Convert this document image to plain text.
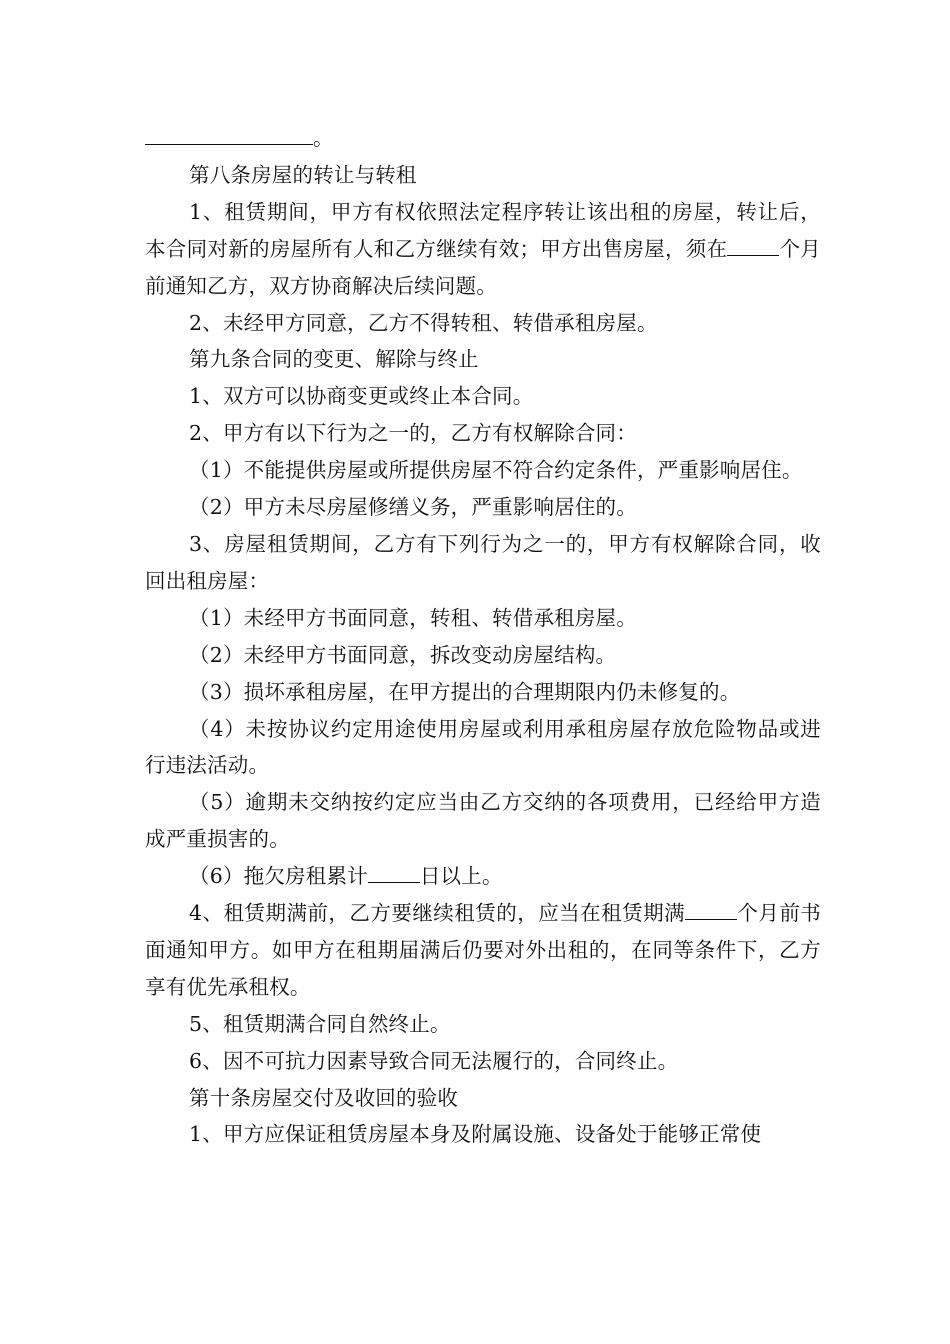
。

第八条房屋的转让与转租

1、租赁期间，甲方有权依照法定程序转让该出租的房屋，转让后，本合同对新的房屋所有人和乙方继续有效；甲方出售房屋，须在	个月前通知乙方，双方协商解决后续问题。

2、未经甲方同意，乙方不得转租、转借承租房屋。

第九条合同的变更、解除与终止

1、双方可以协商变更或终止本合同。

2、甲方有以下行为之一的，乙方有权解除合同：

（1）不能提供房屋或所提供房屋不符合约定条件，严重影响居住。

（2）甲方未尽房屋修缮义务，严重影响居住的。

3、房屋租赁期间，乙方有下列行为之一的，甲方有权解除合同，收回出租房屋：

（1）未经甲方书面同意，转租、转借承租房屋。

（2）未经甲方书面同意，拆改变动房屋结构。

（3）损坏承租房屋，在甲方提出的合理期限内仍未修复的。

（4）未按协议约定用途使用房屋或利用承租房屋存放危险物品或进行违法活动。

（5）逾期未交纳按约定应当由乙方交纳的各项费用，已经给甲方造成严重损害的。

（6）拖欠房租累计	日以上。

4、租赁期满前，乙方要继续租赁的，应当在租赁期满	个月前书面通知甲方。如甲方在租期届满后仍要对外出租的，在同等条件下，乙方享有优先承租权。

5、租赁期满合同自然终止。

6、因不可抗力因素导致合同无法履行的，合同终止。

第十条房屋交付及收回的验收

1、甲方应保证租赁房屋本身及附属设施、设备处于能够正常使
